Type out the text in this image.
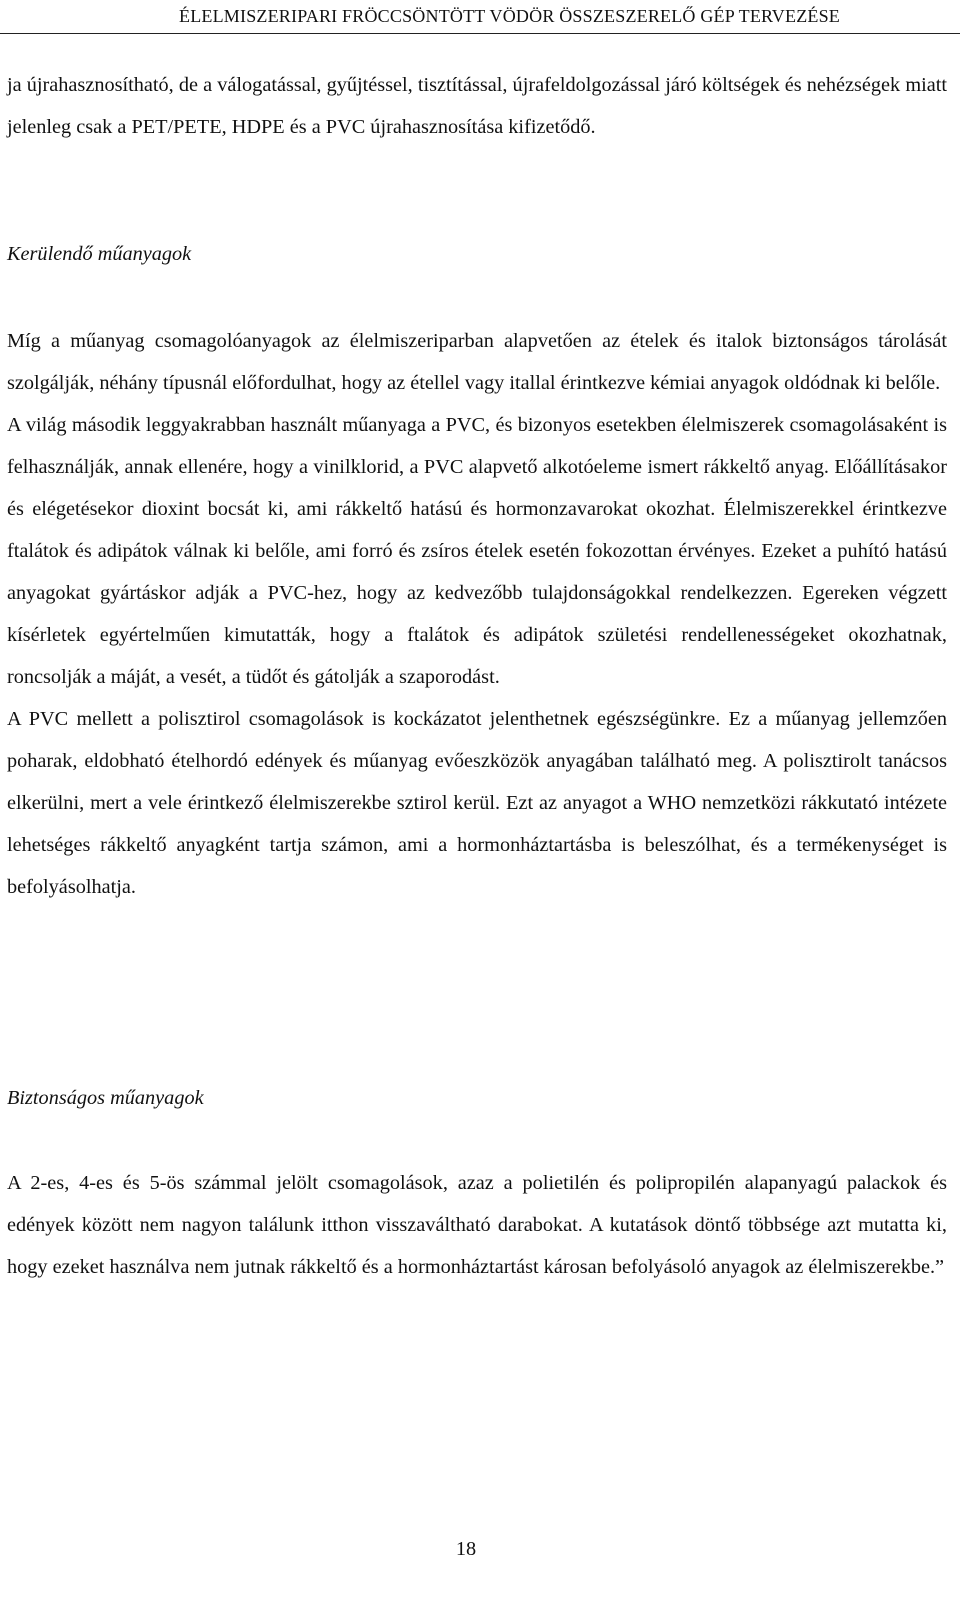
ÉLELMISZERIPARI FRÖCCSÖNTÖTT VÖDÖR ÖSSZESZERELŐ GÉP TERVEZÉSE

ja újrahasznosítható, de a válogatással, gyűjtéssel, tisztítással, újrafeldolgozással járó költségek és nehézségek miatt jelenleg csak a PET/PETE, HDPE és a PVC újrahasznosítása kifizetődő.

Kerülendő műanyagok

Míg a műanyag csomagolóanyagok az élelmiszeriparban alapvetően az ételek és italok biztonságos tárolását szolgálják, néhány típusnál előfordulhat, hogy az étellel vagy itallal érintkezve kémiai anyagok oldódnak ki belőle.

A világ második leggyakrabban használt műanyaga a PVC, és bizonyos esetekben élelmiszerek csomagolásaként is felhasználják, annak ellenére, hogy a vinilklorid, a PVC alapvető alkotóeleme ismert rákkeltő anyag. Előállításakor és elégetésekor dioxint bocsát ki, ami rákkeltő hatású és hormonzavarokat okozhat. Élelmiszerekkel érintkezve ftalátok és adipátok válnak ki belőle, ami forró és zsíros ételek esetén fokozottan érvényes. Ezeket a puhító hatású anyagokat gyártáskor adják a PVC-hez, hogy az kedvezőbb tulajdonságokkal rendelkezzen. Egereken végzett kísérletek egyértelműen kimutatták, hogy a ftalátok és adipátok születési rendellenességeket okozhatnak, roncsolják a máját, a vesét, a tüdőt és gátolják a szaporodást.

A PVC mellett a polisztirol csomagolások is kockázatot jelenthetnek egészségünkre. Ez a műanyag jellemzően poharak, eldobható ételhordó edények és műanyag evőeszközök anyagában található meg. A polisztirolt tanácsos elkerülni, mert a vele érintkező élelmiszerekbe sztirol kerül. Ezt az anyagot a WHO nemzetközi rákkutató intézete lehetséges rákkeltő anyagként tartja számon, ami a hormonháztartásba is beleszólhat, és a termékenységet is befolyásolhatja.

Biztonságos műanyagok

A 2-es, 4-es és 5-ös számmal jelölt csomagolások, azaz a polietilén és polipropilén alapanyagú palackok és edények között nem nagyon találunk itthon visszaváltható darabokat. A kutatások döntő többsége azt mutatta ki, hogy ezeket használva nem jutnak rákkeltő és a hormonháztartást károsan befolyásoló anyagok az élelmiszerekbe.”

18
